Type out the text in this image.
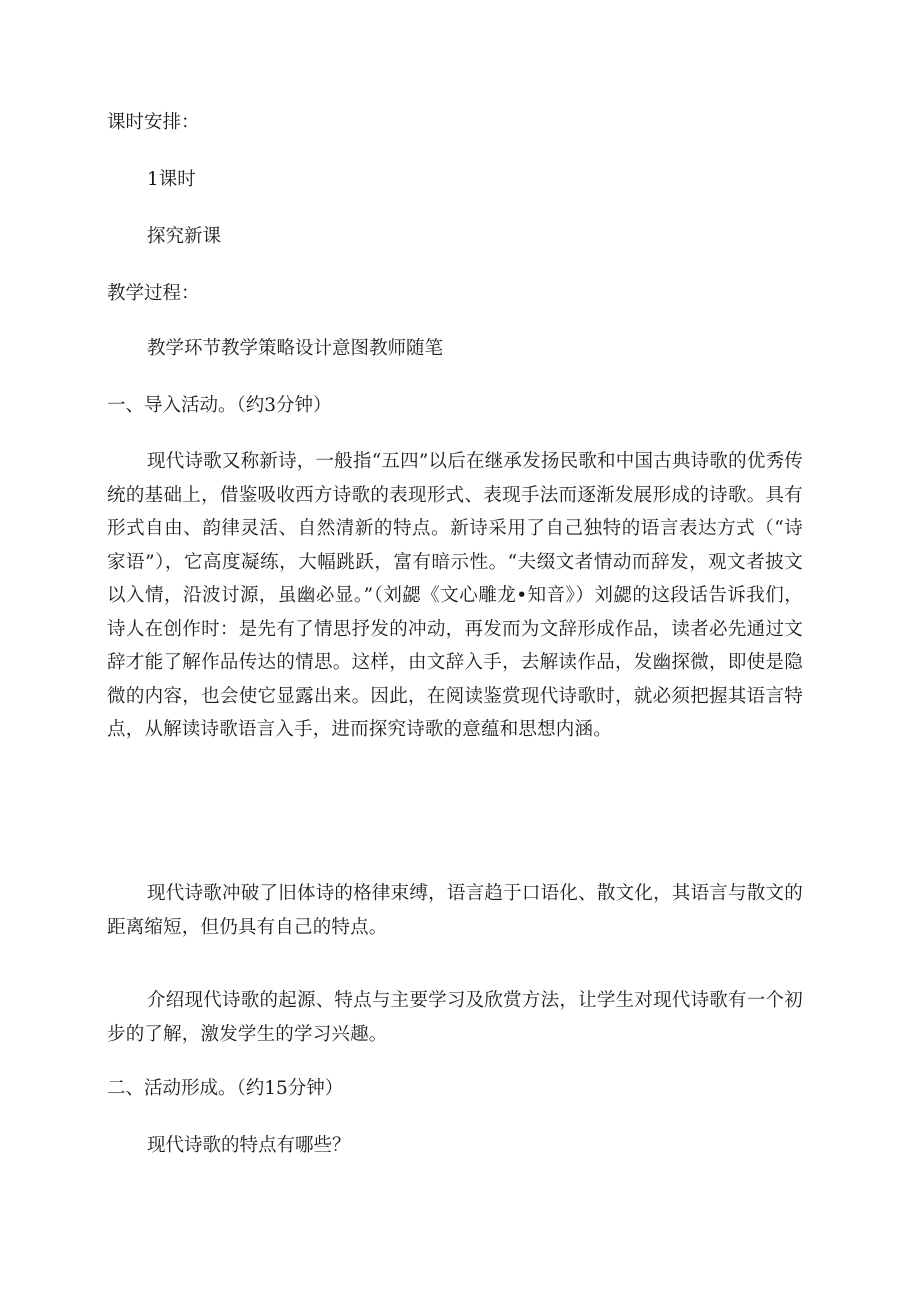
课时安排：

1课时

探究新课

教学过程：

教学环节教学策略设计意图教师随笔

一、导入活动。（约3分钟）

现代诗歌又称新诗，一般指“五四”以后在继承发扬民歌和中国古典诗歌的优秀传统的基础上，借鉴吸收西方诗歌的表现形式、表现手法而逐渐发展形成的诗歌。具有形式自由、韵律灵活、自然清新的特点。新诗采用了自己独特的语言表达方式（“诗家语”），它高度凝练，大幅跳跃，富有暗示性。“夫缀文者情动而辞发，观文者披文以入情，沿波讨源，虽幽必显。”（刘勰《文心雕龙•知音》）刘勰的这段话告诉我们，诗人在创作时：是先有了情思抒发的冲动，再发而为文辞形成作品，读者必先通过文辞才能了解作品传达的情思。这样，由文辞入手，去解读作品，发幽探微，即使是隐微的内容，也会使它显露出来。因此，在阅读鉴赏现代诗歌时，就必须把握其语言特点，从解读诗歌语言入手，进而探究诗歌的意蕴和思想内涵。

现代诗歌冲破了旧体诗的格律束缚，语言趋于口语化、散文化，其语言与散文的距离缩短，但仍具有自己的特点。

介绍现代诗歌的起源、特点与主要学习及欣赏方法，让学生对现代诗歌有一个初步的了解，激发学生的学习兴趣。

二、活动形成。（约15分钟）

现代诗歌的特点有哪些？
